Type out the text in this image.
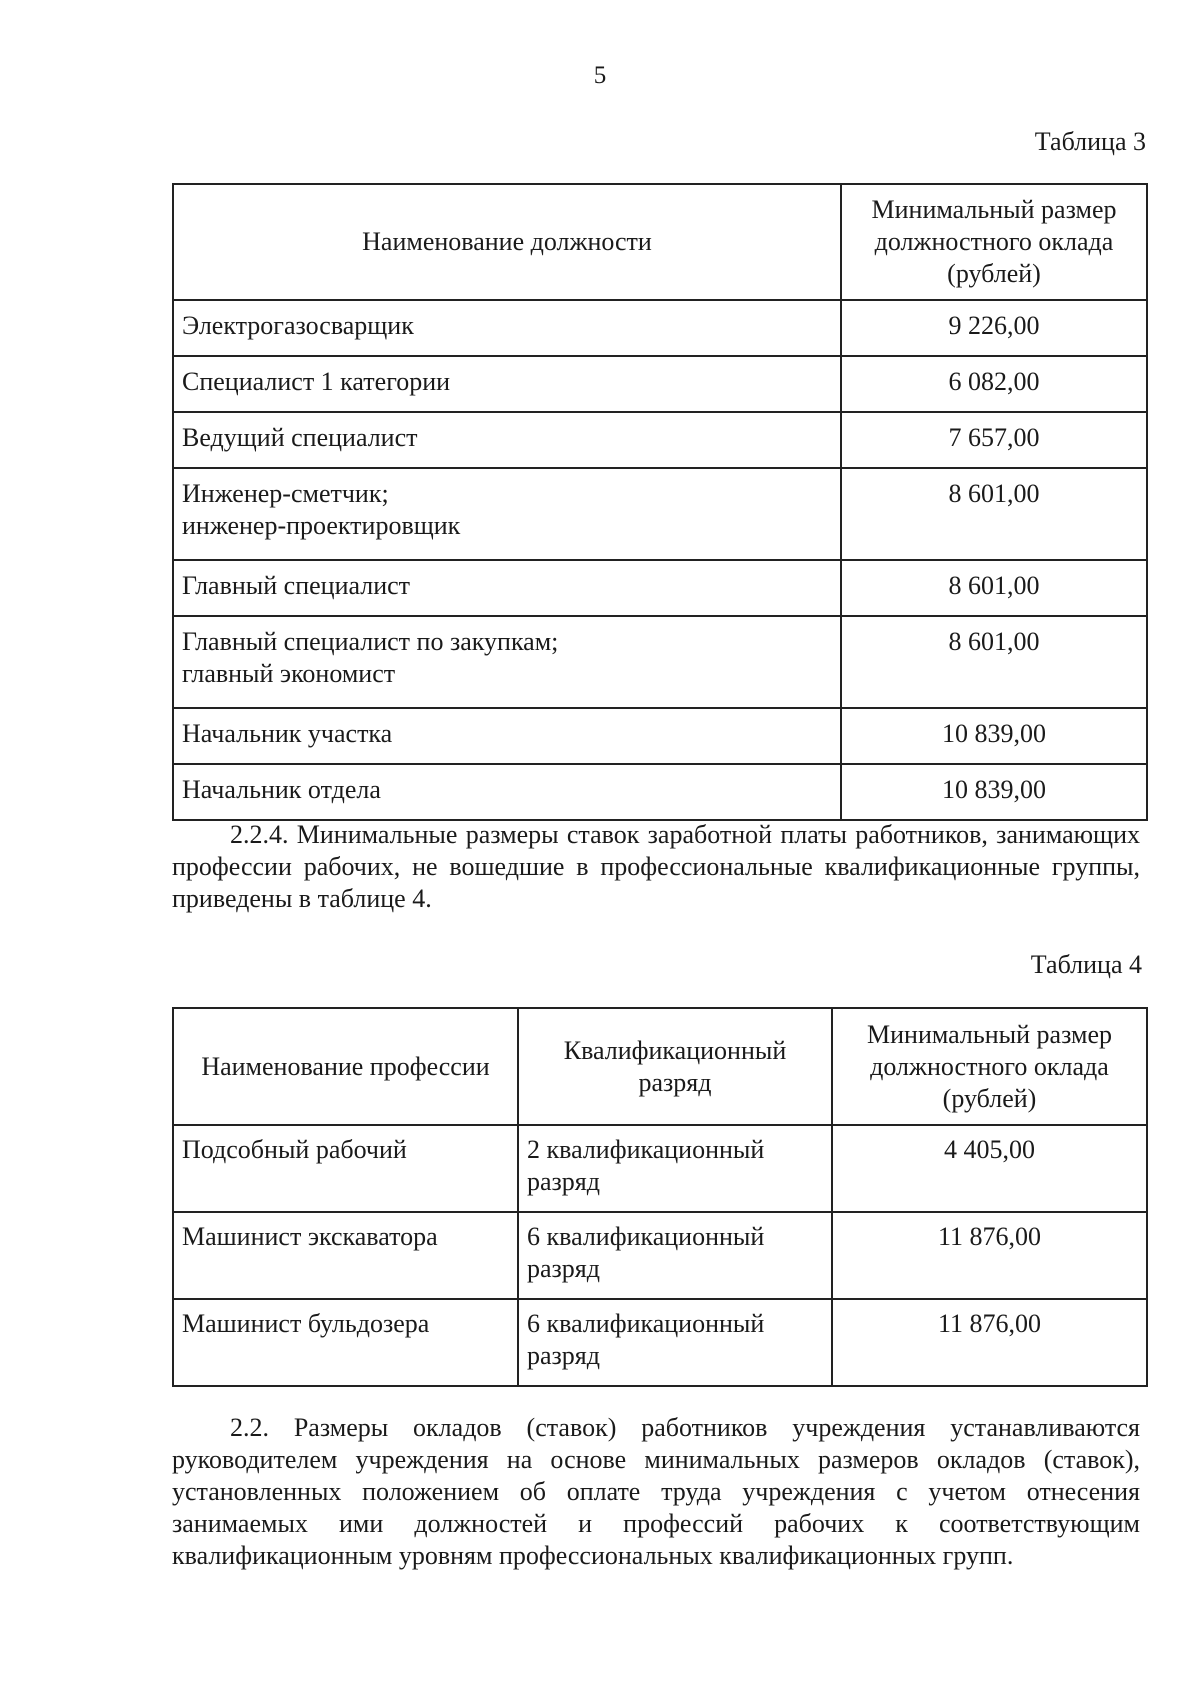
5
Таблица 3
Наименование должности	Минимальный размер должностного оклада (рублей)
Электрогазосварщик	9 226,00
Специалист 1 категории	6 082,00
Ведущий специалист	7 657,00
Инженер-сметчик;
инженер-проектировщик	8 601,00
Главный специалист	8 601,00
Главный специалист по закупкам;
главный экономист	8 601,00
Начальник участка	10 839,00
Начальник отдела	10 839,00
2.2.4. Минимальные размеры ставок заработной платы работников, занимающих профессии рабочих, не вошедшие в профессиональные квалификационные группы, приведены в таблице 4.
Таблица 4
Наименование профессии	Квалификационный разряд	Минимальный размер должностного оклада (рублей)
Подсобный рабочий	2 квалификационный разряд	4 405,00
Машинист экскаватора	6 квалификационный разряд	11 876,00
Машинист бульдозера	6 квалификационный разряд	11 876,00
2.2. Размеры окладов (ставок) работников учреждения устанавливаются руководителем учреждения на основе минимальных размеров окладов (ставок), установленных положением об оплате труда учреждения с учетом отнесения занимаемых ими должностей и профессий рабочих к соответствующим квалификационным уровням профессиональных квалификационных групп.
